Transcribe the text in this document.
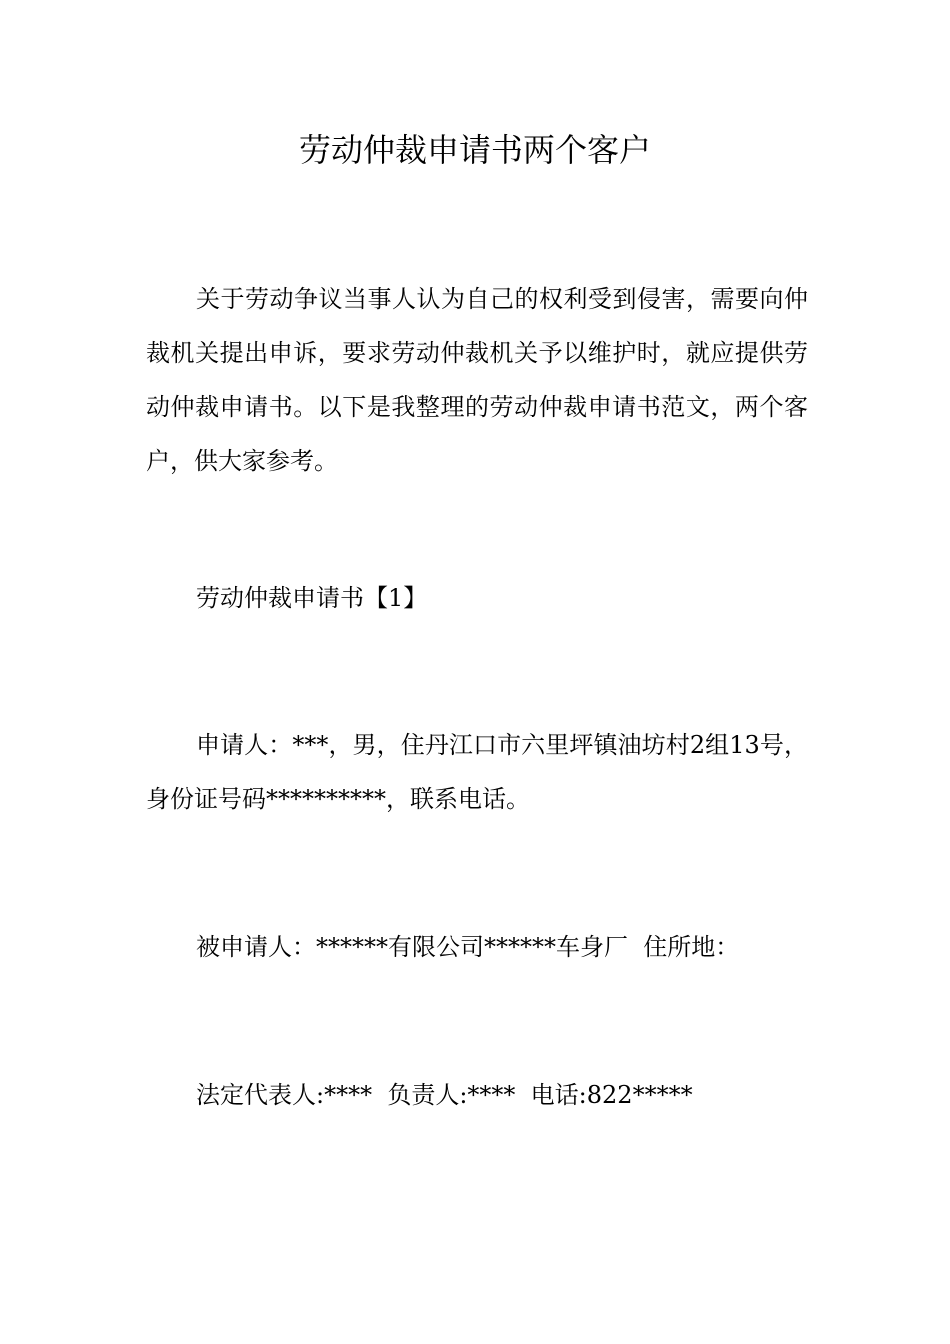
劳动仲裁申请书两个客户

关于劳动争议当事人认为自己的权利受到侵害，需要向仲裁机关提出申诉，要求劳动仲裁机关予以维护时，就应提供劳动仲裁申请书。以下是我整理的劳动仲裁申请书范文，两个客户，供大家参考。

劳动仲裁申请书【1】

申请人：***，男，住丹江口市六里坪镇油坊村2组13号，身份证号码**********，联系电话。

被申请人：******有限公司******车身厂  住所地：

法定代表人:****  负责人:****  电话:822*****
